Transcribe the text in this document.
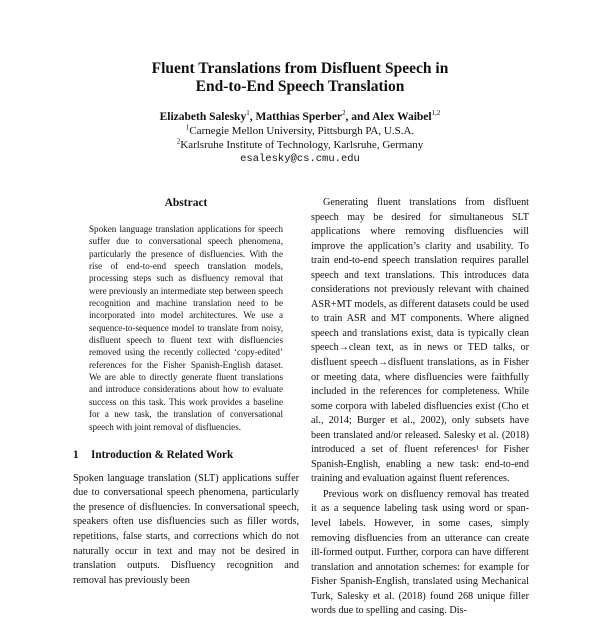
Fluent Translations from Disfluent Speech in
End-to-End Speech Translation
Elizabeth Salesky$^1$, Matthias Sperber$^2$, and Alex Waibel$^{1,2}$
$^1$Carnegie Mellon University, Pittsburgh PA, U.S.A.
$^2$Karlsruhe Institute of Technology, Karlsruhe, Germany
esalesky@cs.cmu.edu
Abstract

Spoken language translation applications for speech suffer due to conversational speech phenomena, particularly the presence of disfluencies. With the rise of end-to-end speech translation models, processing steps such as disfluency removal that were previously an intermediate step between speech recognition and machine translation need to be incorporated into model architectures. We use a sequence-to-sequence model to translate from noisy, disfluent speech to fluent text with disfluencies removed using the recently collected ‘copy-edited’ references for the Fisher Spanish-English dataset. We are able to directly generate fluent translations and introduce considerations about how to evaluate success on this task. This work provides a baseline for a new task, the translation of conversational speech with joint removal of disfluencies.

1 Introduction & Related Work

Spoken language translation (SLT) applications suffer due to conversational speech phenomena, particularly the presence of disfluencies. In conversational speech, speakers often use disfluencies such as filler words, repetitions, false starts, and corrections which do not naturally occur in text and may not be desired in translation outputs. Disfluency recognition and removal has previously been

Generating fluent translations from disfluent speech may be desired for simultaneous SLT applications where removing disfluencies will improve the application’s clarity and usability. To train end-to-end speech translation requires parallel speech and text translations. This introduces data considerations not previously relevant with chained ASR+MT models, as different datasets could be used to train ASR and MT components. Where aligned speech and translations exist, data is typically clean speech→clean text, as in news or TED talks, or disfluent speech→disfluent translations, as in Fisher or meeting data, where disfluencies were faithfully included in the references for completeness. While some corpora with labeled disfluencies exist (Cho et al., 2014; Burger et al., 2002), only subsets have been translated and/or released. Salesky et al. (2018) introduced a set of fluent references¹ for Fisher Spanish-English, enabling a new task: end-to-end training and evaluation against fluent references.

Previous work on disfluency removal has treated it as a sequence labeling task using word or span-level labels. However, in some cases, simply removing disfluencies from an utterance can create ill-formed output. Further, corpora can have different translation and annotation schemes: for example for Fisher Spanish-English, translated using Mechanical Turk, Salesky et al. (2018) found 268 unique filler words due to spelling and casing. Dis-
